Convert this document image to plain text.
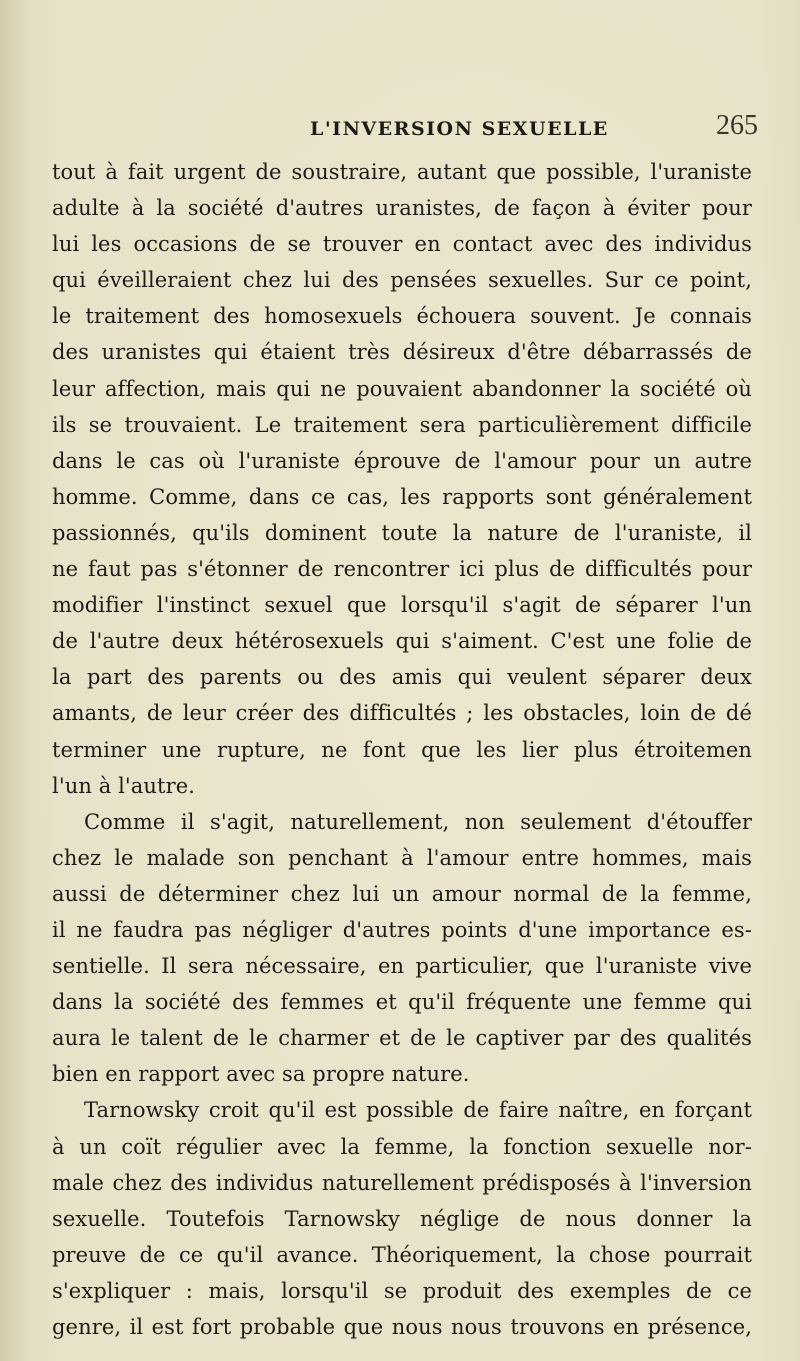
L'INVERSION SEXUELLE	265
tout à fait urgent de soustraire, autant que possible, l'uraniste
adulte à la société d'autres uranistes, de façon à éviter pour
lui les occasions de se trouver en contact avec des individus
qui éveilleraient chez lui des pensées sexuelles. Sur ce point,
le traitement des homosexuels échouera souvent. Je connais
des uranistes qui étaient très désireux d'être débarrassés de
leur affection, mais qui ne pouvaient abandonner la société où
ils se trouvaient. Le traitement sera particulièrement difficile
dans le cas où l'uraniste éprouve de l'amour pour un autre
homme. Comme, dans ce cas, les rapports sont généralement
passionnés, qu'ils dominent toute la nature de l'uraniste, il
ne faut pas s'étonner de rencontrer ici plus de difficultés pour
modifier l'instinct sexuel que lorsqu'il s'agit de séparer l'un
de l'autre deux hétérosexuels qui s'aiment. C'est une folie de
la part des parents ou des amis qui veulent séparer deux
amants, de leur créer des difficultés ; les obstacles, loin de dé
terminer une rupture, ne font que les lier plus étroitemen
l'un à l'autre.
Comme il s'agit, naturellement, non seulement d'étouffer
chez le malade son penchant à l'amour entre hommes, mais
aussi de déterminer chez lui un amour normal de la femme,
il ne faudra pas négliger d'autres points d'une importance es-
sentielle. Il sera nécessaire, en particulier, que l'uraniste vive
dans la société des femmes et qu'il fréquente une femme qui
aura le talent de le charmer et de le captiver par des qualités
bien en rapport avec sa propre nature.
Tarnowsky croit qu'il est possible de faire naître, en forçant
à un coït régulier avec la femme, la fonction sexuelle nor-
male chez des individus naturellement prédisposés à l'inversion
sexuelle. Toutefois Tarnowsky néglige de nous donner la
preuve de ce qu'il avance. Théoriquement, la chose pourrait
s'expliquer : mais, lorsqu'il se produit des exemples de ce
genre, il est fort probable que nous nous trouvons en présence,
